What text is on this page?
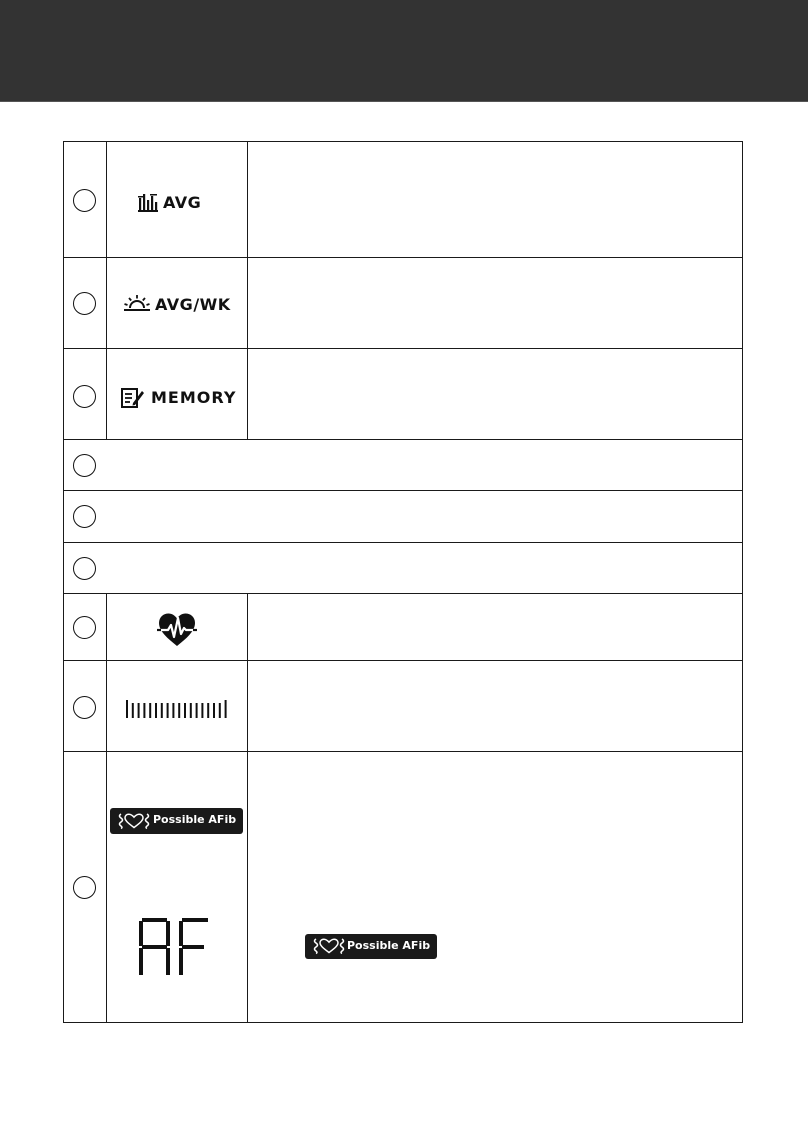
AVG
AVG/WK
MEMORY
Possible AFib
Possible AFib
